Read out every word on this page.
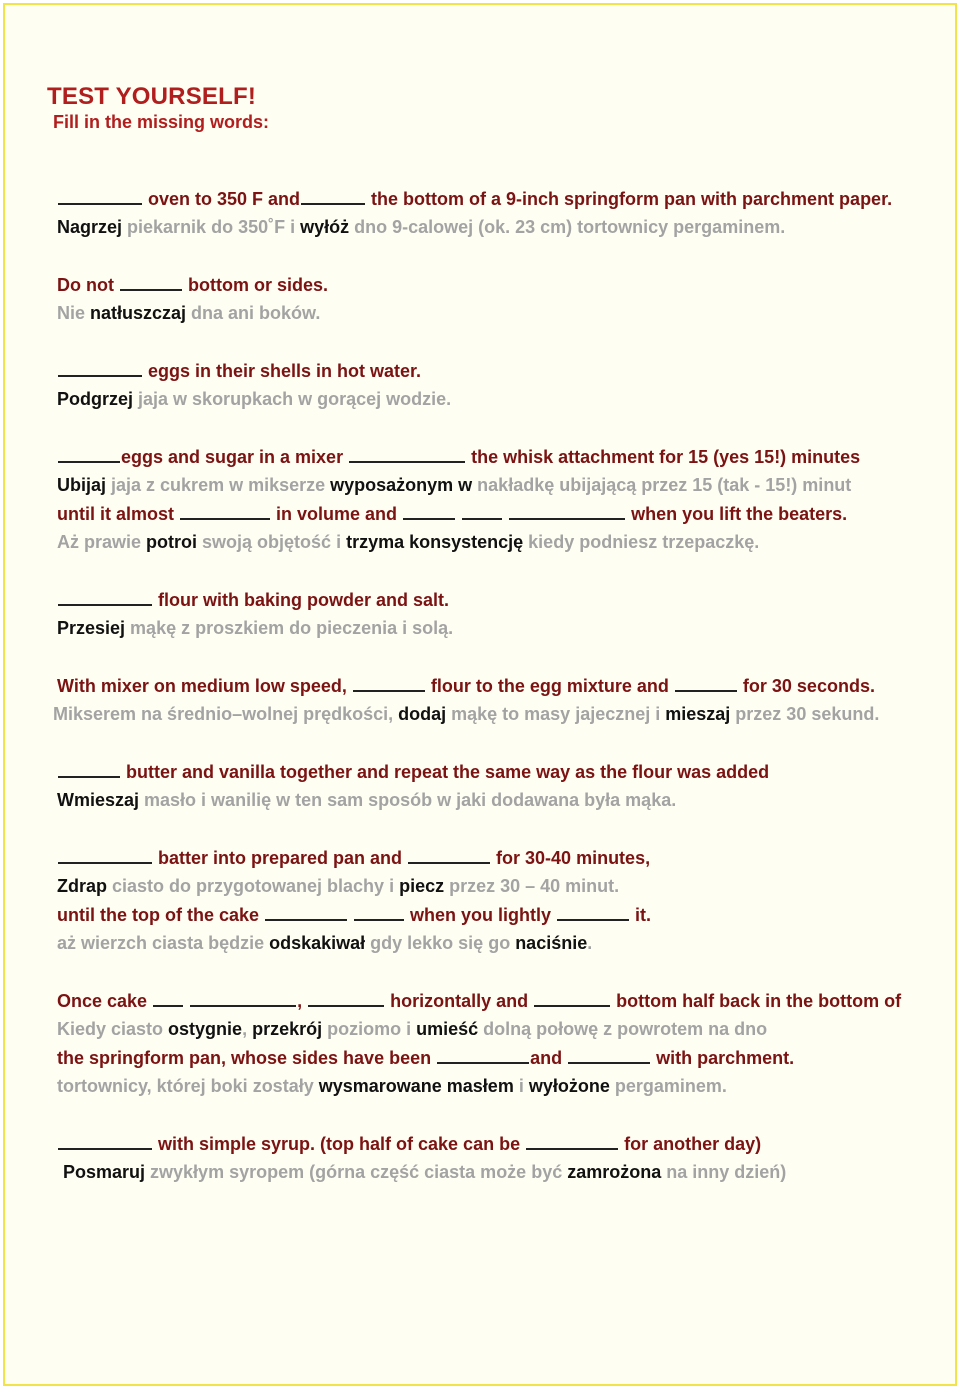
TEST YOURSELF!
Fill in the missing words:
oven to 350 F and	the bottom of a 9-inch springform pan with parchment paper.
Nagrzej piekarnik do 350˚F i wyłóż dno 9-calowej (ok. 23 cm) tortownicy pergaminem.
Do not	bottom or sides.
Nie natłuszczaj dna ani boków.
eggs in their shells in hot water.
Podgrzej jaja w skorupkach w gorącej wodzie.
eggs and sugar in a mixer	the whisk attachment for 15 (yes 15!) minutes
Ubijaj jaja z cukrem w mikserze wyposażonym w nakładkę ubijającą przez 15 (tak - 15!) minut
until it almost	in volume and	when you lift the beaters.
Aż prawie potroi swoją objętość i trzyma konsystencję kiedy podniesz trzepaczkę.
flour with baking powder and salt.
Przesiej mąkę z proszkiem do pieczenia i solą.
With mixer on medium low speed,	flour to the egg mixture and	for 30 seconds.
Mikserem na średnio–wolnej prędkości, dodaj mąkę to masy jajecznej i mieszaj przez 30 sekund.
butter and vanilla together and repeat the same way as the flour was added
Wmieszaj masło i wanilię w ten sam sposób w jaki dodawana była mąka.
batter into prepared pan and	for 30-40 minutes,
Zdrap ciasto do przygotowanej blachy i piecz przez 30 – 40 minut.
until the top of the cake	when you lightly	it.
aż wierzch ciasta będzie odskakiwał gdy lekko się go naciśnie.
Once cake	,	horizontally and	bottom half back in the bottom of
Kiedy ciasto ostygnie, przekrój poziomo i umieść dolną połowę z powrotem na dno
the springform pan, whose sides have been	and	with parchment.
tortownicy, której boki zostały wysmarowane masłem i wyłożone pergaminem.
with simple syrup. (top half of cake can be	for another day)
Posmaruj zwykłym syropem (górna część ciasta może być zamrożona na inny dzień)
